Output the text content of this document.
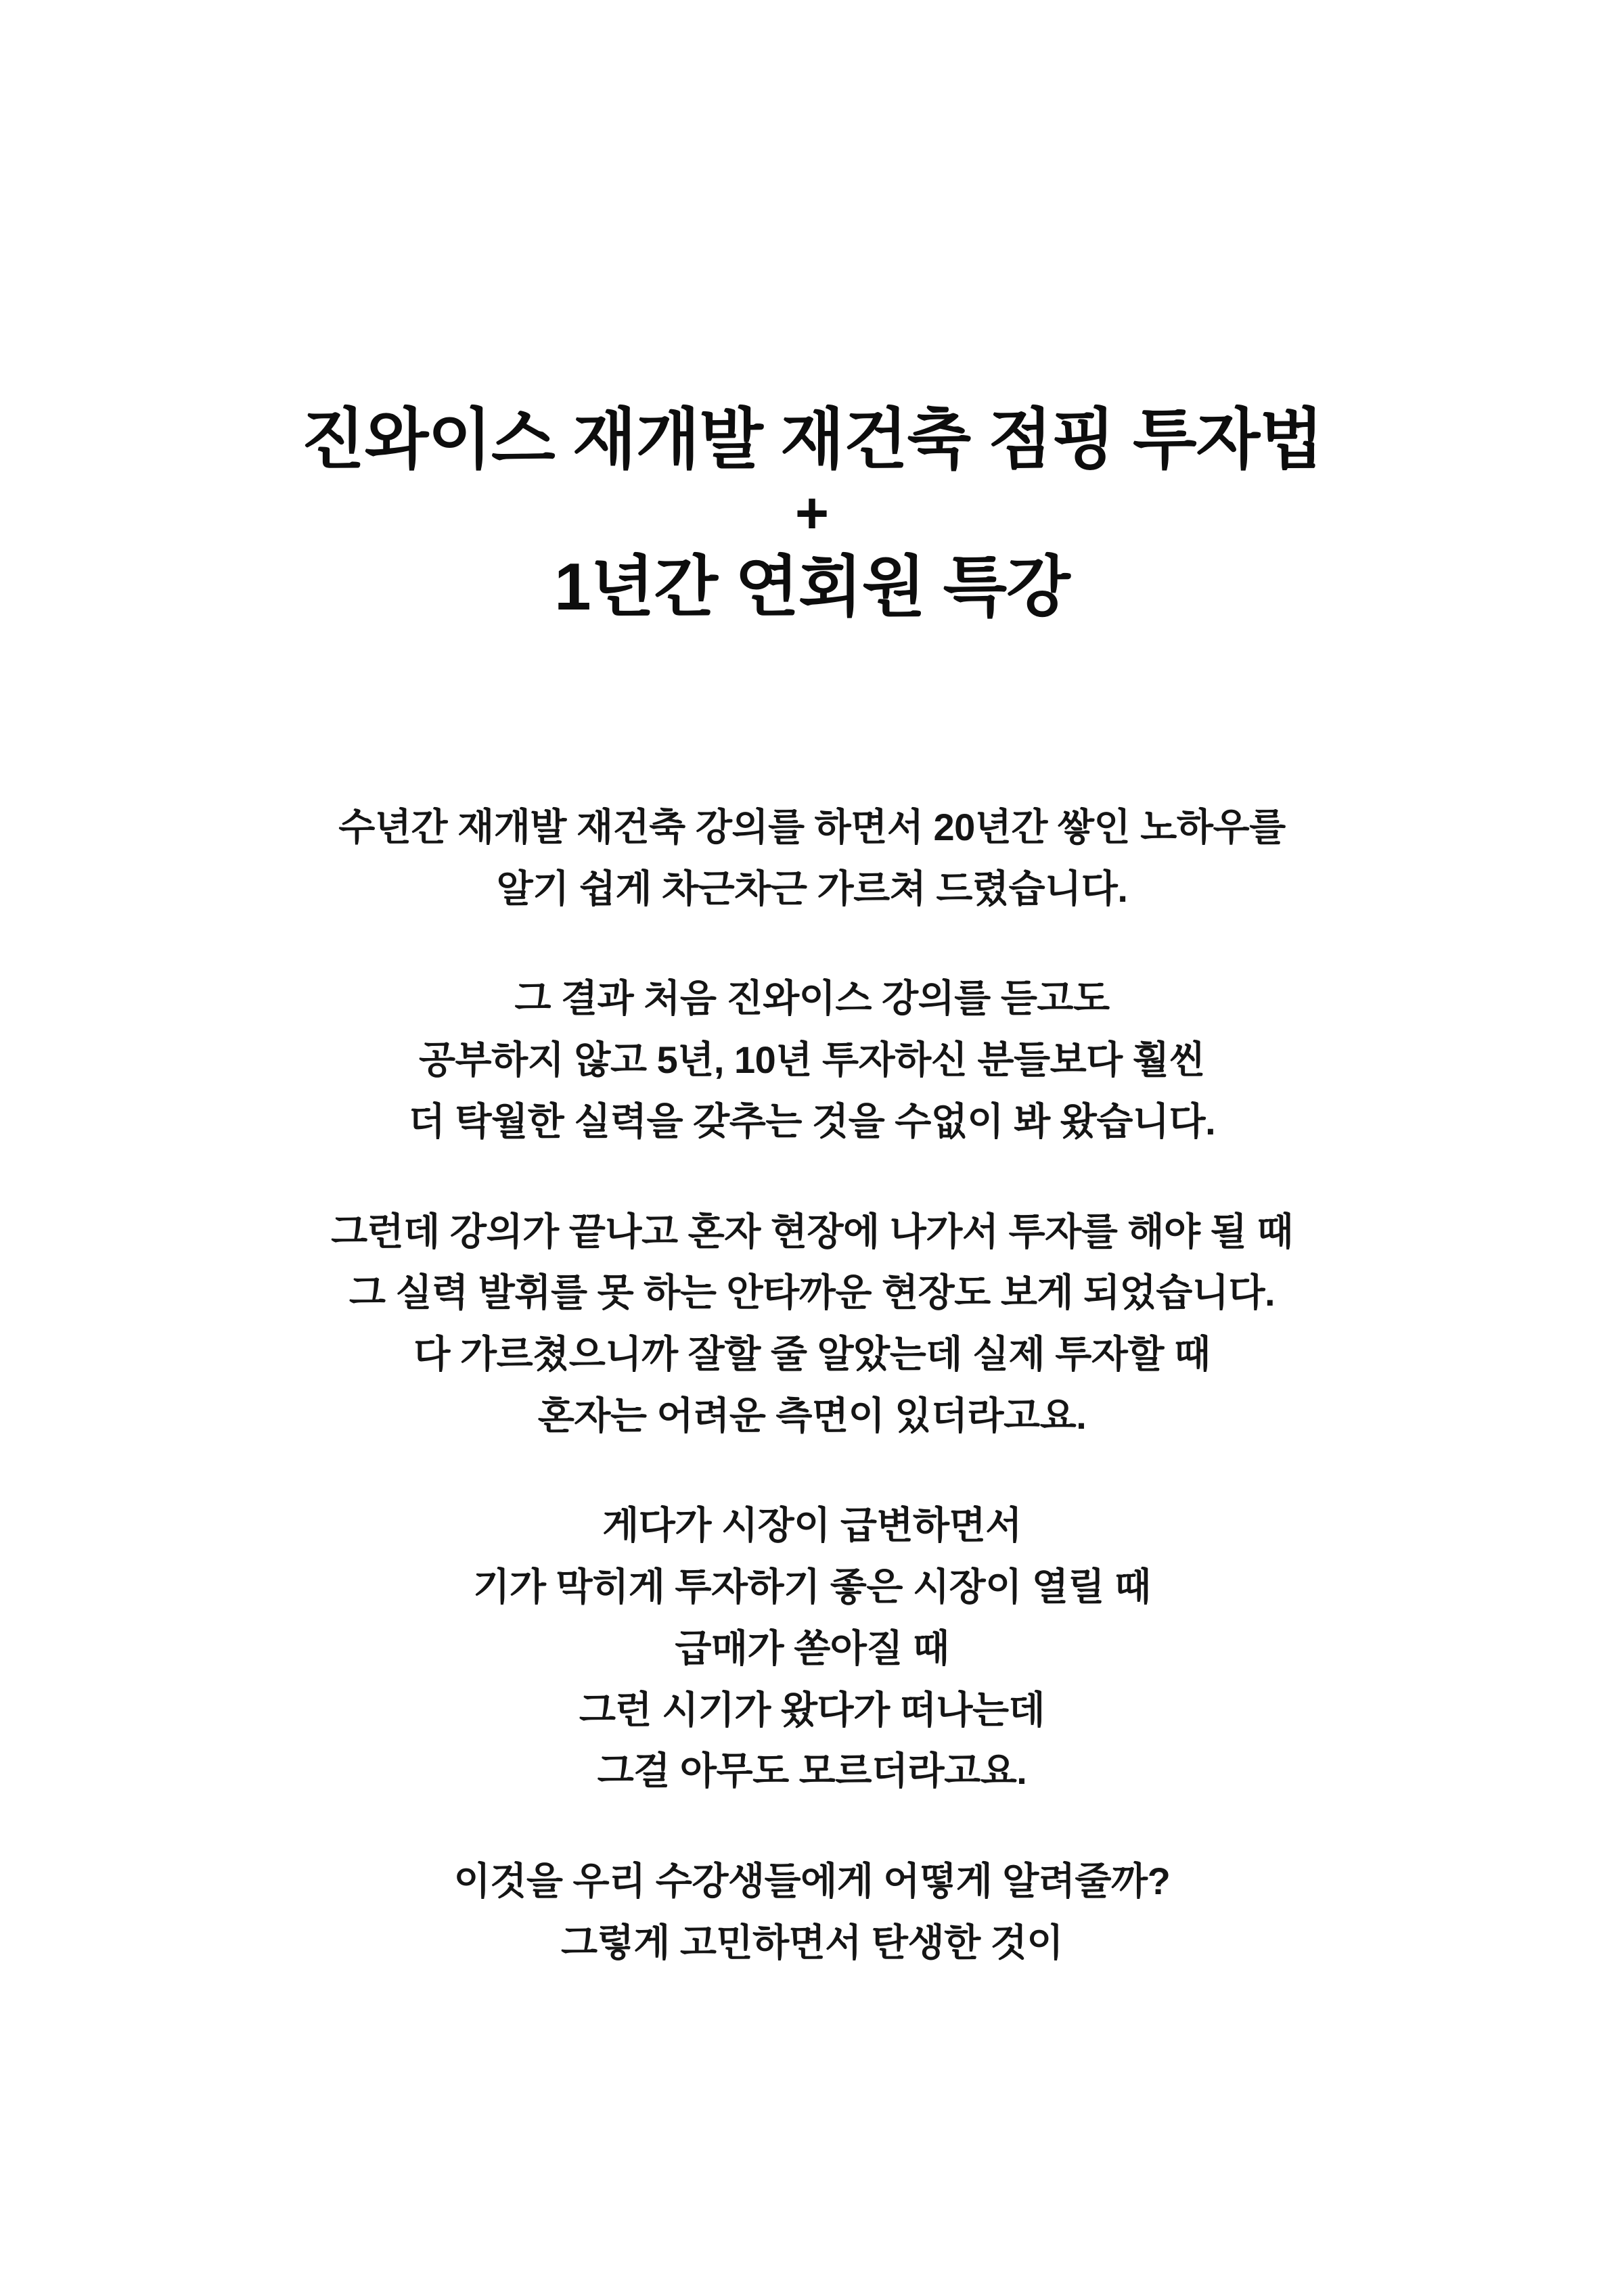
진와이스 재개발 재건축 점핑 투자법
+
1년간 연회원 특강

수년간 재개발 재건축 강의를 하면서 20년간 쌓인 노하우를
알기 쉽게 차근차근 가르쳐 드렸습니다.

그 결과 처음 진와이스 강의를 듣고도
공부하지 않고 5년, 10년 투자하신 분들보다 훨씬
더 탁월한 실력을 갖추는 것을 수없이 봐 왔습니다.

그런데 강의가 끝나고 혼자 현장에 나가서 투자를 해야 될 때
그 실력 발휘를 못 하는 안타까운 현장도 보게 되었습니다.
다 가르쳤으니까 잘할 줄 알았는데 실제 투자할 때
혼자는 어려운 측면이 있더라고요.

게다가 시장이 급변하면서
기가 막히게 투자하기 좋은 시장이 열릴 때
급매가 쏟아질 때
그런 시기가 왔다가 떠나는데
그걸 아무도 모르더라고요.

이것을 우리 수강생들에게 어떻게 알려줄까?
그렇게 고민하면서 탄생한 것이
